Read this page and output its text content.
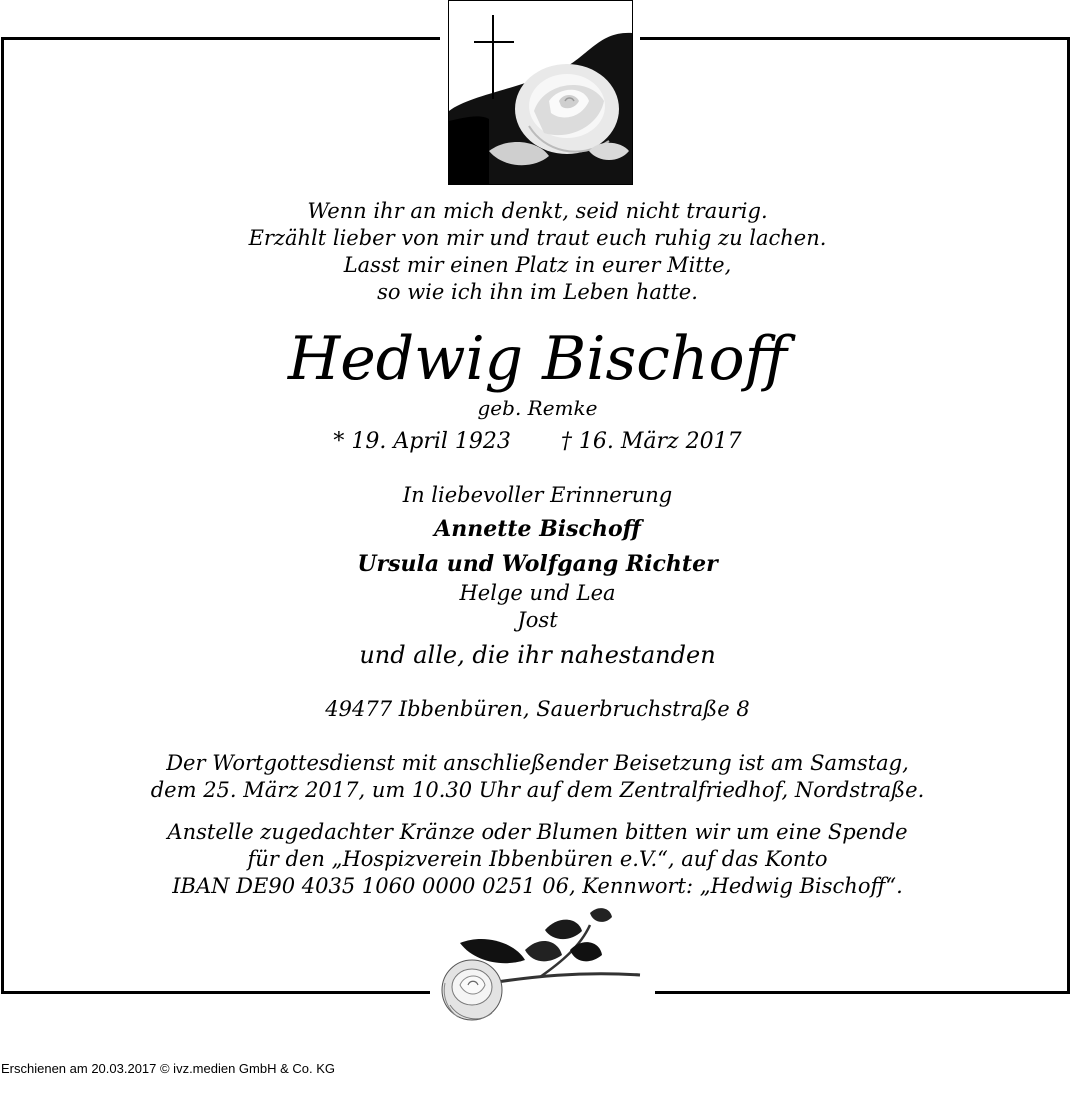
Wenn ihr an mich denkt, seid nicht traurig.
Erzählt lieber von mir und traut euch ruhig zu lachen.
Lasst mir einen Platz in eurer Mitte,
so wie ich ihn im Leben hatte.
Hedwig Bischoff
geb. Remke
* 19. April 1923 † 16. März 2017
In liebevoller Erinnerung
Annette Bischoff
Ursula und Wolfgang Richter
Helge und Lea
Jost
und alle, die ihr nahestanden
49477 Ibbenbüren, Sauerbruchstraße 8
Der Wortgottesdienst mit anschließender Beisetzung ist am Samstag,
dem 25. März 2017, um 10.30 Uhr auf dem Zentralfriedhof, Nordstraße.
Anstelle zugedachter Kränze oder Blumen bitten wir um eine Spende
für den „Hospizverein Ibbenbüren e.V.“, auf das Konto
IBAN DE90 4035 1060 0000 0251 06, Kennwort: „Hedwig Bischoff“.
Erschienen am 20.03.2017 © ivz.medien GmbH & Co. KG
